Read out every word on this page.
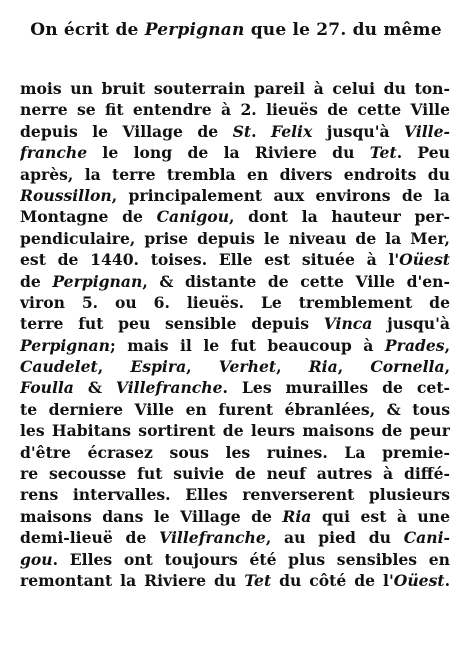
On écrit de Perpignan que le 27. du même
mois un bruit souterrain pareil à celui du ton-
nerre se fit entendre à 2. lieuës de cette Ville
depuis le Village de St. Felix jusqu'à Ville-
franche le long de la Riviere du Tet. Peu
après, la terre trembla en divers endroits du
Roussillon, principalement aux environs de la
Montagne de Canigou, dont la hauteur per-
pendiculaire, prise depuis le niveau de la Mer,
est de 1440. toises. Elle est située à l'Oüest
de Perpignan, & distante de cette Ville d'en-
viron 5. ou 6. lieuës. Le tremblement de
terre fut peu sensible depuis Vinca jusqu'à
Perpignan; mais il le fut beaucoup à Prades,
Caudelet, Espira, Verhet, Ria, Cornella,
Foulla & Villefranche. Les murailles de cet-
te derniere Ville en furent ébranlées, & tous
les Habitans sortirent de leurs maisons de peur
d'être écrasez sous les ruines. La premie-
re secousse fut suivie de neuf autres à diffé-
rens intervalles. Elles renverserent plusieurs
maisons dans le Village de Ria qui est à une
demi-lieuë de Villefranche, au pied du Cani-
gou. Elles ont toujours été plus sensibles en
remontant la Riviere du Tet du côté de l'Oüest.
